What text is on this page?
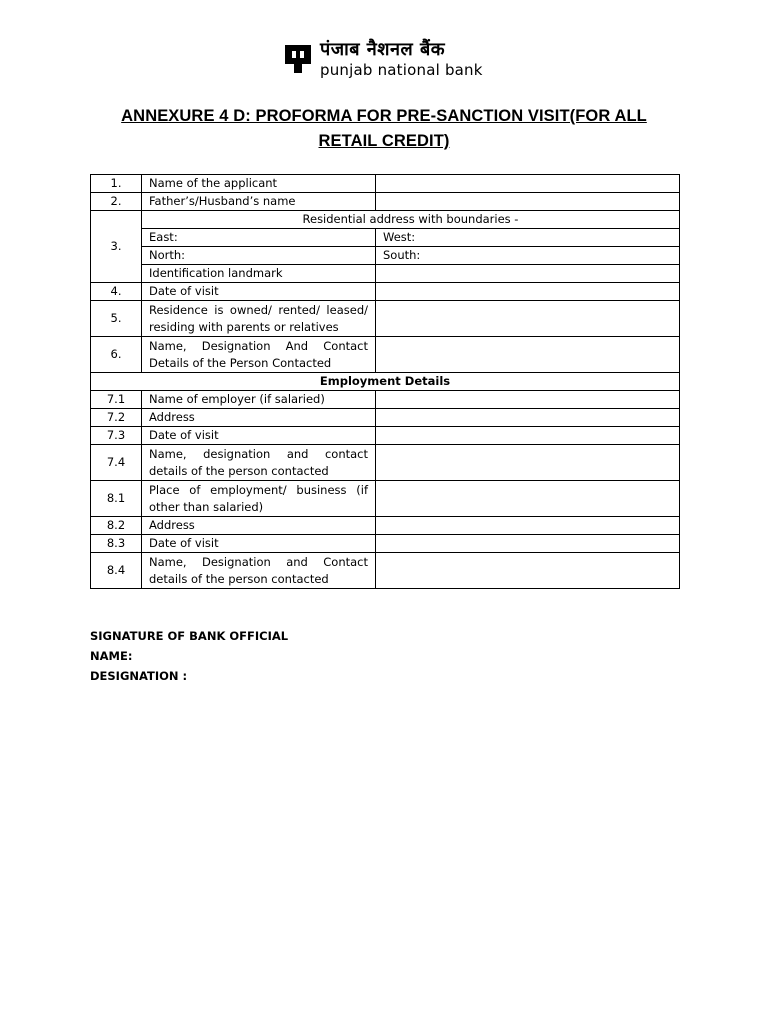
पंजाब नैशनल बैंक
punjab national bank
ANNEXURE 4 D: PROFORMA FOR PRE-SANCTION VISIT(FOR ALL
RETAIL CREDIT)
1.	Name of the applicant	
2.	Father’s/Husband’s name	
3.	Residential address with boundaries -	
	East:	West:
	North:	South:
	Identification landmark	
4.	Date of visit	
5.	Residence is owned/ rented/ leased/ residing with parents or relatives	
6.	Name, Designation And Contact Details of the Person Contacted	
Employment Details		
7.1	Name of employer (if salaried)	
7.2	Address	
7.3	Date of visit	
7.4	Name, designation and contact details of the person contacted	
8.1	Place of employment/ business (if other than salaried)	
8.2	Address	
8.3	Date of visit	
8.4	Name, Designation and Contact details of the person contacted	
SIGNATURE OF BANK OFFICIAL
NAME:
DESIGNATION :
